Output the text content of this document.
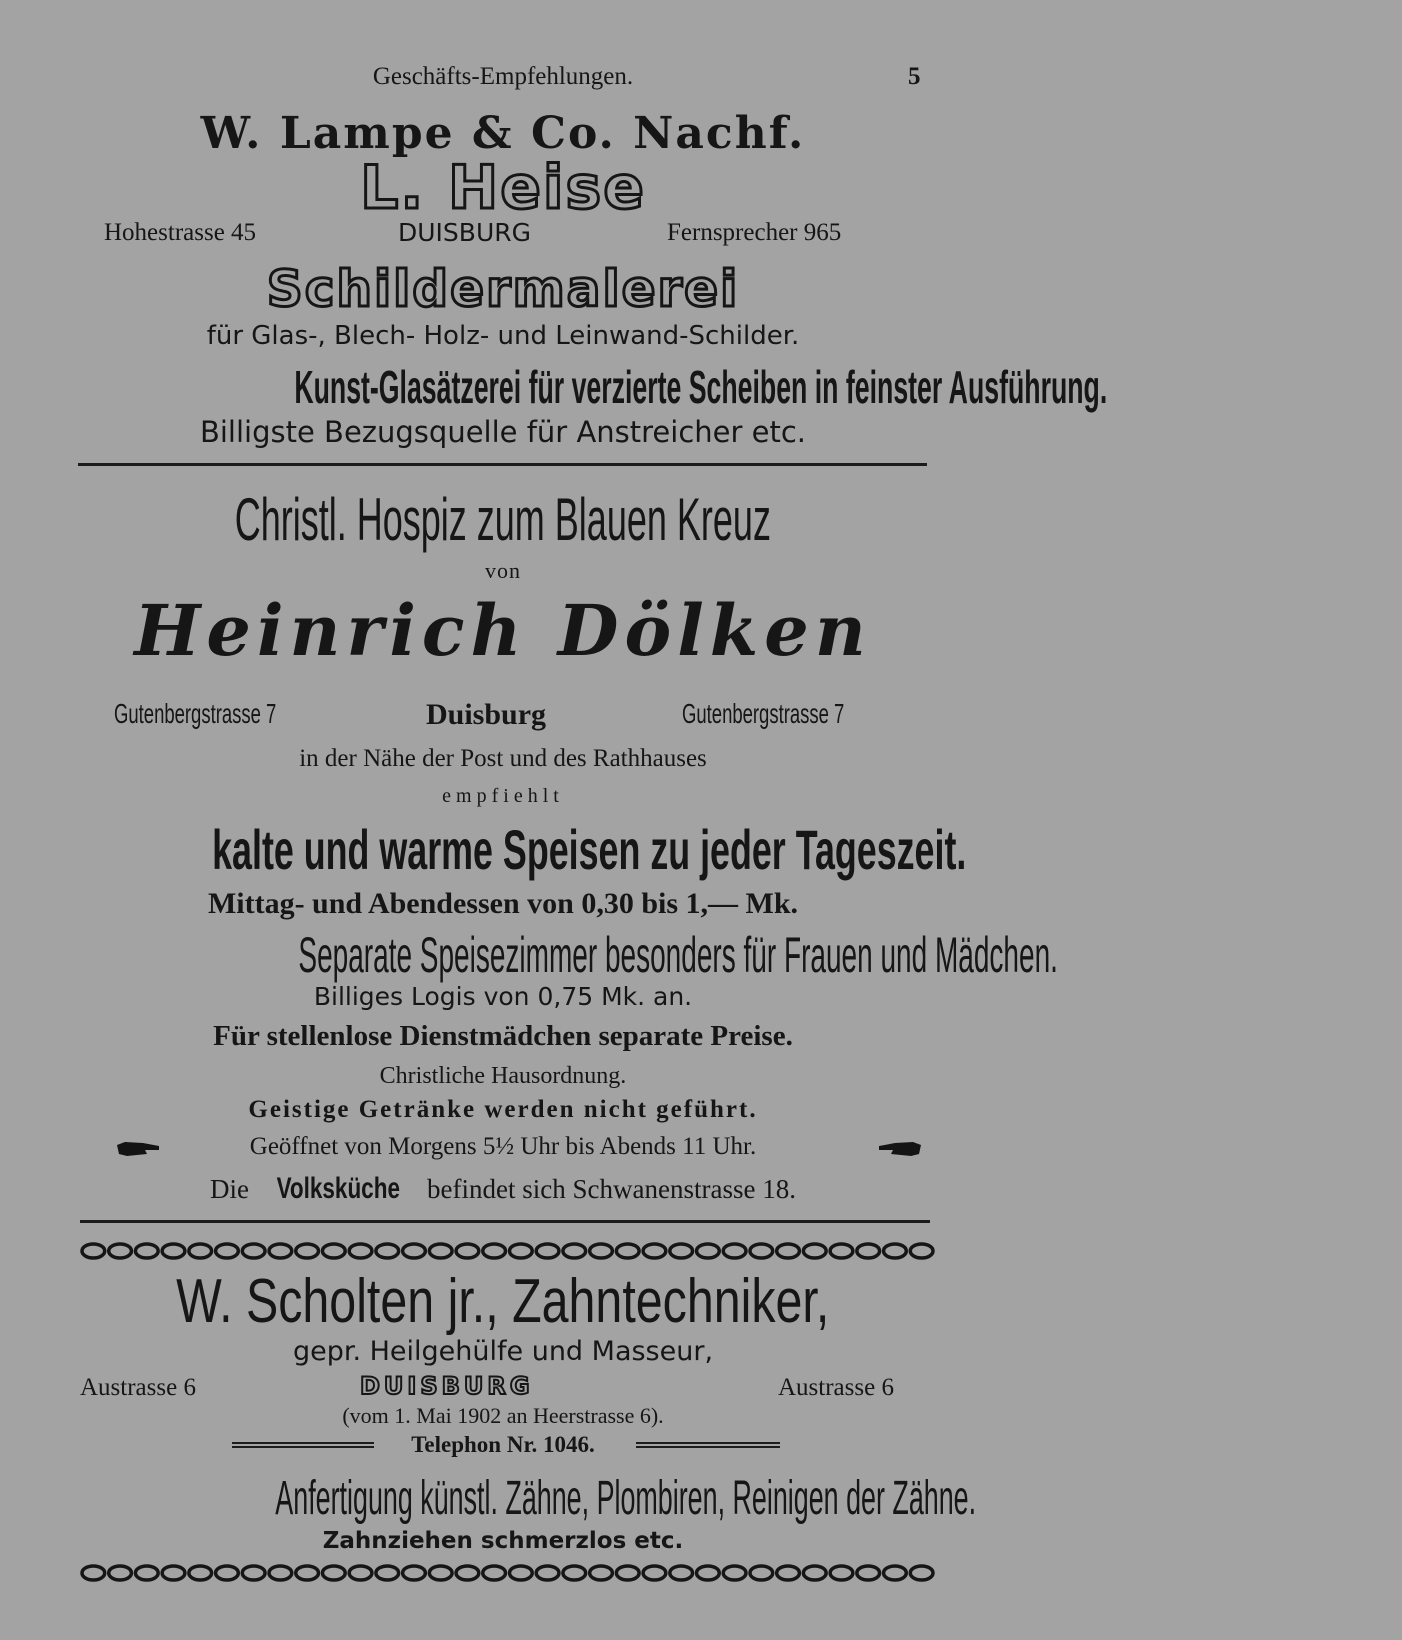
Geschäfts-Empfehlungen.	5
W. Lampe & Co. Nachf.
L. Heise
Hohestrasse 45	DUISBURG	Fernsprecher 965
Schildermalerei
für Glas-, Blech- Holz- und Leinwand-Schilder.
Kunst-Glasätzerei für verzierte Scheiben in feinster Ausführung.
Billigste Bezugsquelle für Anstreicher etc.
Christl. Hospiz zum Blauen Kreuz
von
Heinrich Dölken
Gutenbergstrasse 7	Duisburg	Gutenbergstrasse 7
in der Nähe der Post und des Rathhauses
empfiehlt
kalte und warme Speisen zu jeder Tageszeit.
Mittag- und Abendessen von 0,30 bis 1,— Mk.
Separate Speisezimmer besonders für Frauen und Mädchen.
Billiges Logis von 0,75 Mk. an.
Für stellenlose Dienstmädchen separate Preise.
Christliche Hausordnung.
Geistige Getränke werden nicht geführt.
Geöffnet von Morgens 5½ Uhr bis Abends 11 Uhr.
Die Volksküche befindet sich Schwanenstrasse 18.
W. Scholten jr., Zahntechniker,
gepr. Heilgehülfe und Masseur,
Austrasse 6	DUISBURG	Austrasse 6
(vom 1. Mai 1902 an Heerstrasse 6).
Telephon Nr. 1046.
Anfertigung künstl. Zähne, Plombiren, Reinigen der Zähne.
Zahnziehen schmerzlos etc.
